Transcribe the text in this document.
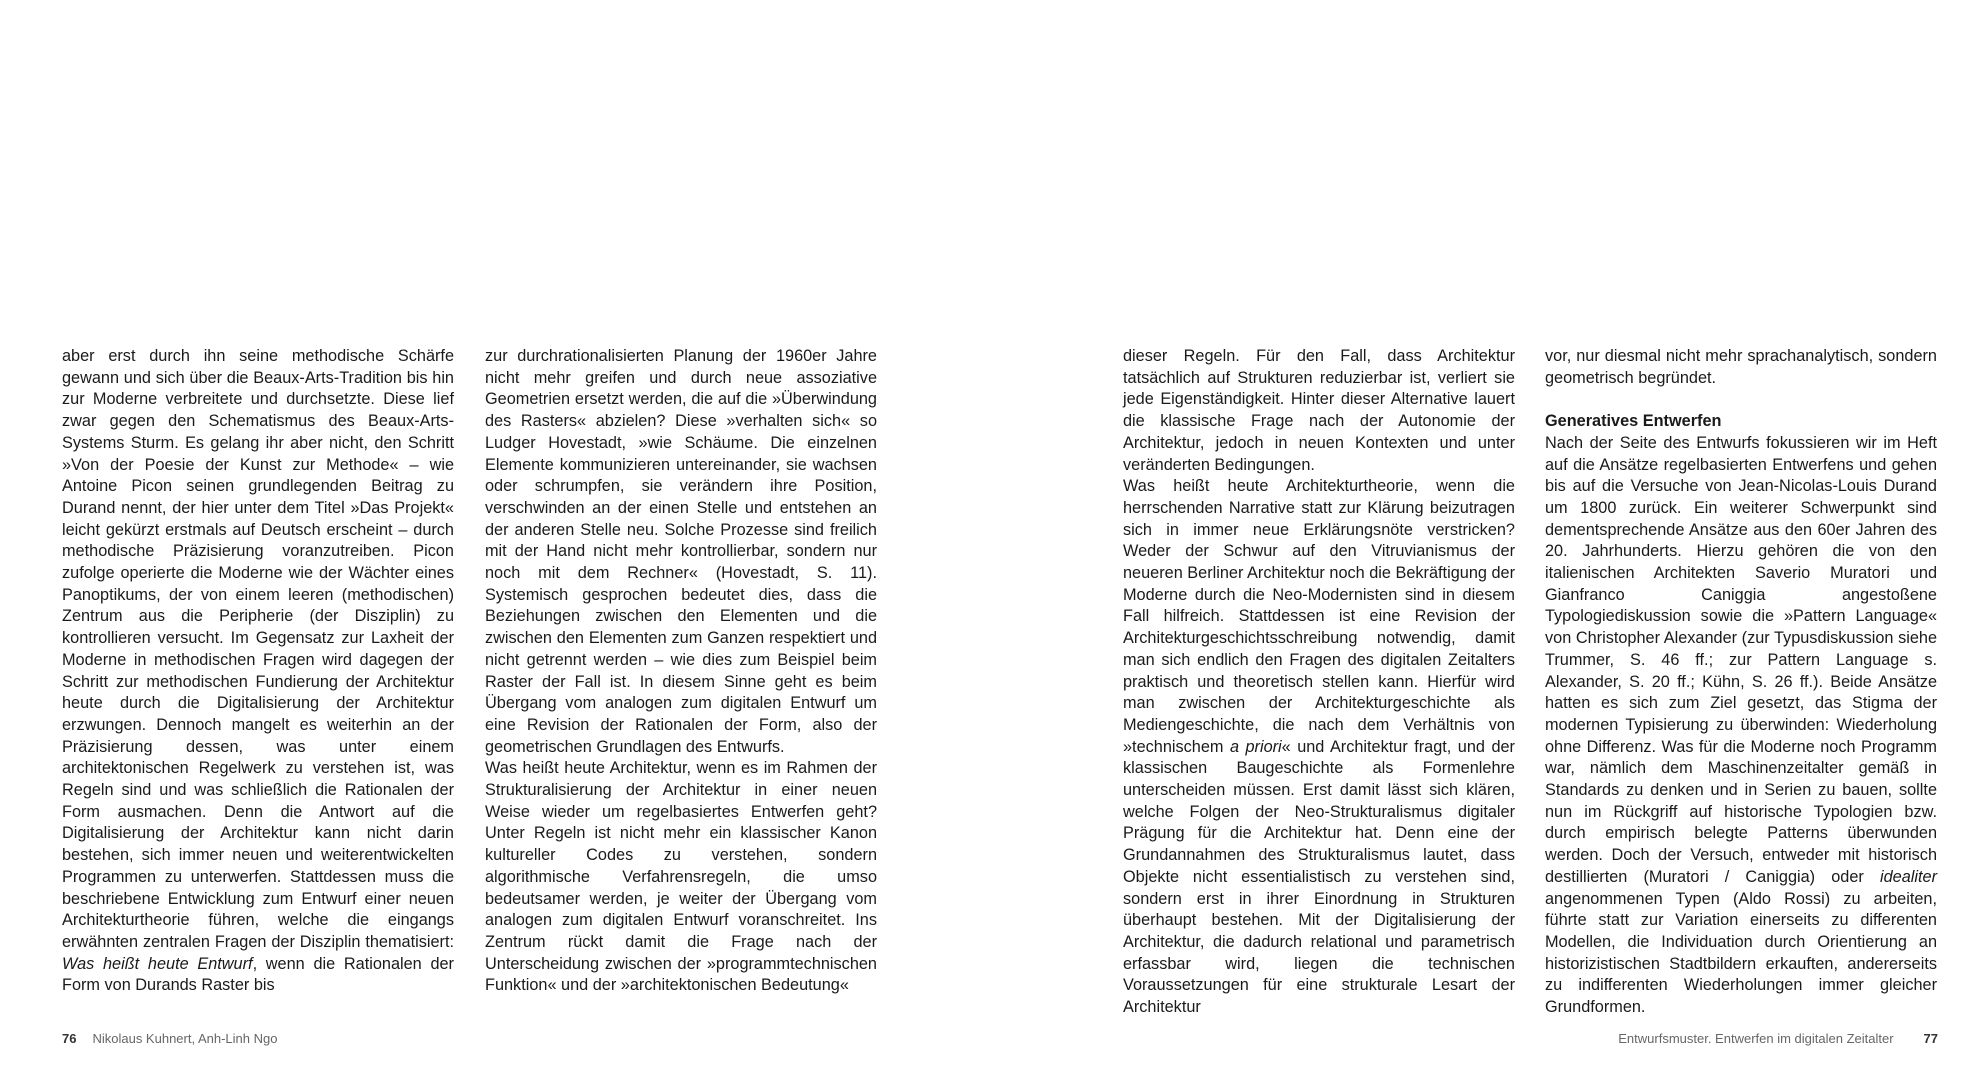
aber erst durch ihn seine methodische Schärfe gewann und sich über die Beaux-Arts-Tradition bis hin zur Moderne verbreitete und durchsetzte. Diese lief zwar gegen den Schematismus des Beaux-Arts-Systems Sturm. Es gelang ihr aber nicht, den Schritt »Von der Poesie der Kunst zur Methode« – wie Antoine Picon seinen grundlegenden Beitrag zu Durand nennt, der hier unter dem Titel »Das Projekt« leicht gekürzt erstmals auf Deutsch erscheint – durch methodische Präzisierung voranzutreiben. Picon zufolge operierte die Moderne wie der Wächter eines Panoptikums, der von einem leeren (methodischen) Zentrum aus die Peripherie (der Disziplin) zu kontrollieren versucht. Im Gegensatz zur Laxheit der Moderne in methodischen Fragen wird dagegen der Schritt zur methodischen Fundierung der Architektur heute durch die Digitalisierung der Architektur erzwungen. Dennoch mangelt es weiterhin an der Präzisierung dessen, was unter einem architektonischen Regelwerk zu verstehen ist, was Regeln sind und was schließlich die Rationalen der Form ausmachen. Denn die Antwort auf die Digitalisierung der Architektur kann nicht darin bestehen, sich immer neuen und weiterentwickelten Programmen zu unterwerfen. Stattdessen muss die beschriebene Entwicklung zum Entwurf einer neuen Architekturtheorie führen, welche die eingangs erwähnten zentralen Fragen der Disziplin thematisiert: Was heißt heute Entwurf, wenn die Rationalen der Form von Durands Raster bis

zur durchrationalisierten Planung der 1960er Jahre nicht mehr greifen und durch neue assoziative Geometrien ersetzt werden, die auf die »Überwindung des Rasters« abzielen? Diese »verhalten sich« so Ludger Hovestadt, »wie Schäume. Die einzelnen Elemente kommunizieren untereinander, sie wachsen oder schrumpfen, sie verändern ihre Position, verschwinden an der einen Stelle und entstehen an der anderen Stelle neu. Solche Prozesse sind freilich mit der Hand nicht mehr kontrollierbar, sondern nur noch mit dem Rechner« (Hovestadt, S. 11). Systemisch gesprochen bedeutet dies, dass die Beziehungen zwischen den Elementen und die zwischen den Elementen zum Ganzen respektiert und nicht getrennt werden – wie dies zum Beispiel beim Raster der Fall ist. In diesem Sinne geht es beim Übergang vom analogen zum digitalen Entwurf um eine Revision der Rationalen der Form, also der geometrischen Grundlagen des Entwurfs.

Was heißt heute Architektur, wenn es im Rahmen der Strukturalisierung der Architektur in einer neuen Weise wieder um regelbasiertes Entwerfen geht? Unter Regeln ist nicht mehr ein klassischer Kanon kultureller Codes zu verstehen, sondern algorithmische Verfahrensregeln, die umso bedeutsamer werden, je weiter der Übergang vom analogen zum digitalen Entwurf voranschreitet. Ins Zentrum rückt damit die Frage nach der Unterscheidung zwischen der »programmtechnischen Funktion« und der »architektonischen Bedeutung«

dieser Regeln. Für den Fall, dass Architektur tatsächlich auf Strukturen reduzierbar ist, verliert sie jede Eigenständigkeit. Hinter dieser Alternative lauert die klassische Frage nach der Autonomie der Architektur, jedoch in neuen Kontexten und unter veränderten Bedingungen.

Was heißt heute Architekturtheorie, wenn die herrschenden Narrative statt zur Klärung beizutragen sich in immer neue Erklärungsnöte verstricken? Weder der Schwur auf den Vitruvianismus der neueren Berliner Architektur noch die Bekräftigung der Moderne durch die Neo-Modernisten sind in diesem Fall hilfreich. Stattdessen ist eine Revision der Architekturgeschichtsschreibung notwendig, damit man sich endlich den Fragen des digitalen Zeitalters praktisch und theoretisch stellen kann. Hierfür wird man zwischen der Architekturgeschichte als Mediengeschichte, die nach dem Verhältnis von »technischem a priori« und Architektur fragt, und der klassischen Baugeschichte als Formenlehre unterscheiden müssen. Erst damit lässt sich klären, welche Folgen der Neo-Strukturalismus digitaler Prägung für die Architektur hat. Denn eine der Grundannahmen des Strukturalismus lautet, dass Objekte nicht essentialistisch zu verstehen sind, sondern erst in ihrer Einordnung in Strukturen überhaupt bestehen. Mit der Digitalisierung der Architektur, die dadurch relational und parametrisch erfassbar wird, liegen die technischen Voraussetzungen für eine strukturale Lesart der Architektur

vor, nur diesmal nicht mehr sprachanalytisch, sondern geometrisch begründet.

Generatives Entwerfen

Nach der Seite des Entwurfs fokussieren wir im Heft auf die Ansätze regelbasierten Entwerfens und gehen bis auf die Versuche von Jean-Nicolas-Louis Durand um 1800 zurück. Ein weiterer Schwerpunkt sind dementsprechende Ansätze aus den 60er Jahren des 20. Jahrhunderts. Hierzu gehören die von den italienischen Architekten Saverio Muratori und Gianfranco Caniggia angestoßene Typologiediskussion sowie die »Pattern Language« von Christopher Alexander (zur Typusdiskussion siehe Trummer, S. 46 ff.; zur Pattern Language s. Alexander, S. 20 ff.; Kühn, S. 26 ff.). Beide Ansätze hatten es sich zum Ziel gesetzt, das Stigma der modernen Typisierung zu überwinden: Wiederholung ohne Differenz. Was für die Moderne noch Programm war, nämlich dem Maschinenzeitalter gemäß in Standards zu denken und in Serien zu bauen, sollte nun im Rückgriff auf historische Typologien bzw. durch empirisch belegte Patterns überwunden werden. Doch der Versuch, entweder mit historisch destillierten (Muratori / Caniggia) oder idealiter angenommenen Typen (Aldo Rossi) zu arbeiten, führte statt zur Variation einerseits zu differenten Modellen, die Individuation durch Orientierung an historizistischen Stadtbildern erkauften, andererseits zu indifferenten Wiederholungen immer gleicher Grundformen.

76 Nikolaus Kuhnert, Anh-Linh Ngo	Entwurfsmuster. Entwerfen im digitalen Zeitalter 77
